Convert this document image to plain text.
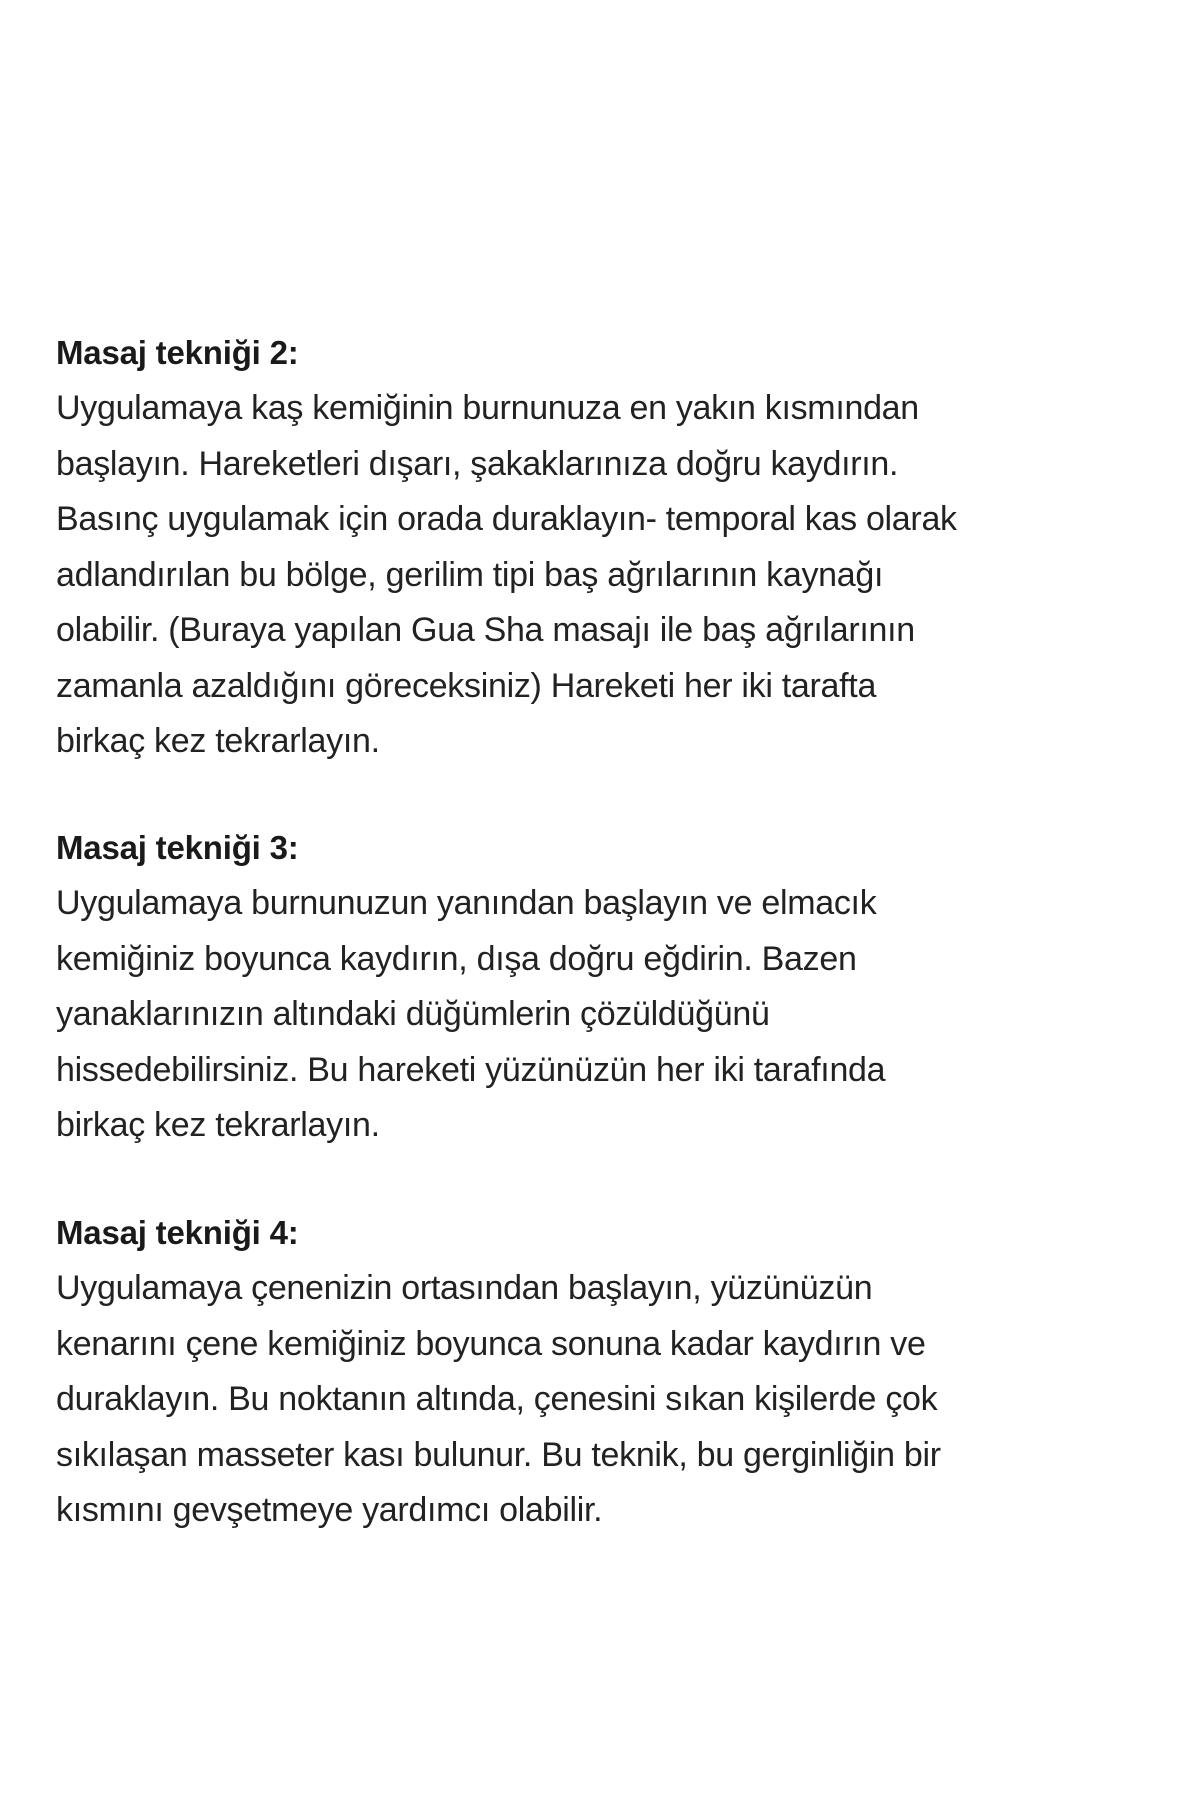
Masaj tekniği 2:

Uygulamaya kaş kemiğinin burnunuza en yakın kısmından
başlayın. Hareketleri dışarı, şakaklarınıza doğru kaydırın.
Basınç uygulamak için orada duraklayın- temporal kas olarak
adlandırılan bu bölge, gerilim tipi baş ağrılarının kaynağı
olabilir. (Buraya yapılan Gua Sha masajı ile baş ağrılarının
zamanla azaldığını göreceksiniz) Hareketi her iki tarafta
birkaç kez tekrarlayın.

Masaj tekniği 3:

Uygulamaya burnunuzun yanından başlayın ve elmacık
kemiğiniz boyunca kaydırın, dışa doğru eğdirin. Bazen
yanaklarınızın altındaki düğümlerin çözüldüğünü
hissedebilirsiniz. Bu hareketi yüzünüzün her iki tarafında
birkaç kez tekrarlayın.

Masaj tekniği 4:

Uygulamaya çenenizin ortasından başlayın, yüzünüzün
kenarını çene kemiğiniz boyunca sonuna kadar kaydırın ve
duraklayın. Bu noktanın altında, çenesini sıkan kişilerde çok
sıkılaşan masseter kası bulunur. Bu teknik, bu gerginliğin bir
kısmını gevşetmeye yardımcı olabilir.
